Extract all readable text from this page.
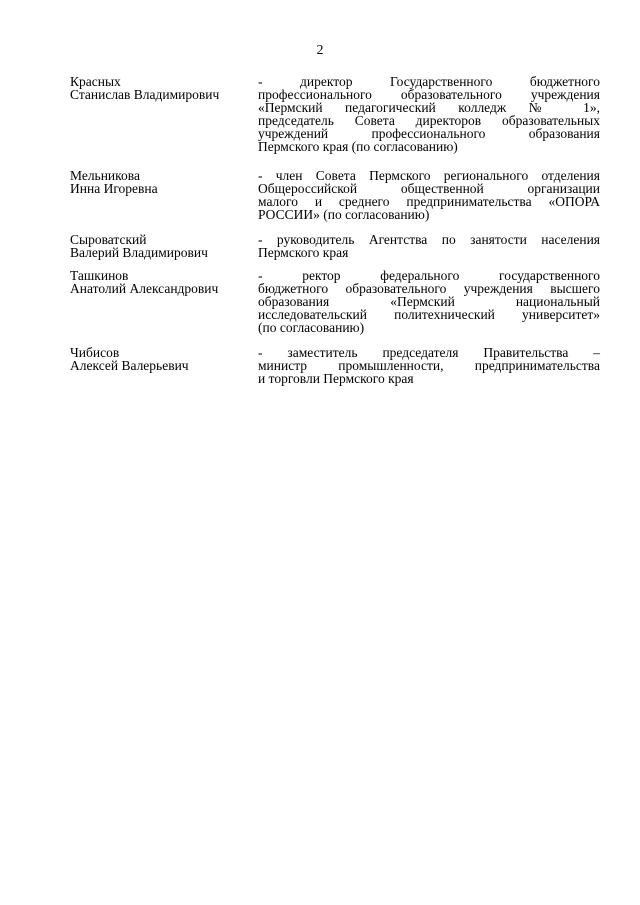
2
Красных
Станислав Владимирович
- директор Государственного бюджетного
профессионального образовательного учреждения
«Пермский педагогический колледж № 1»,
председатель Совета директоров образовательных
учреждений профессионального образования
Пермского края (по согласованию)
Мельникова
Инна Игоревна
- член Совета Пермского регионального отделения
Общероссийской общественной организации
малого и среднего предпринимательства «ОПОРА
РОССИИ» (по согласованию)
Сыроватский
Валерий Владимирович
- руководитель Агентства по занятости населения
Пермского края
Ташкинов
Анатолий Александрович
- ректор федерального государственного
бюджетного образовательного учреждения высшего
образования «Пермский национальный
исследовательский политехнический университет»
(по согласованию)
Чибисов
Алексей Валерьевич
- заместитель председателя Правительства –
министр промышленности, предпринимательства
и торговли Пермского края
